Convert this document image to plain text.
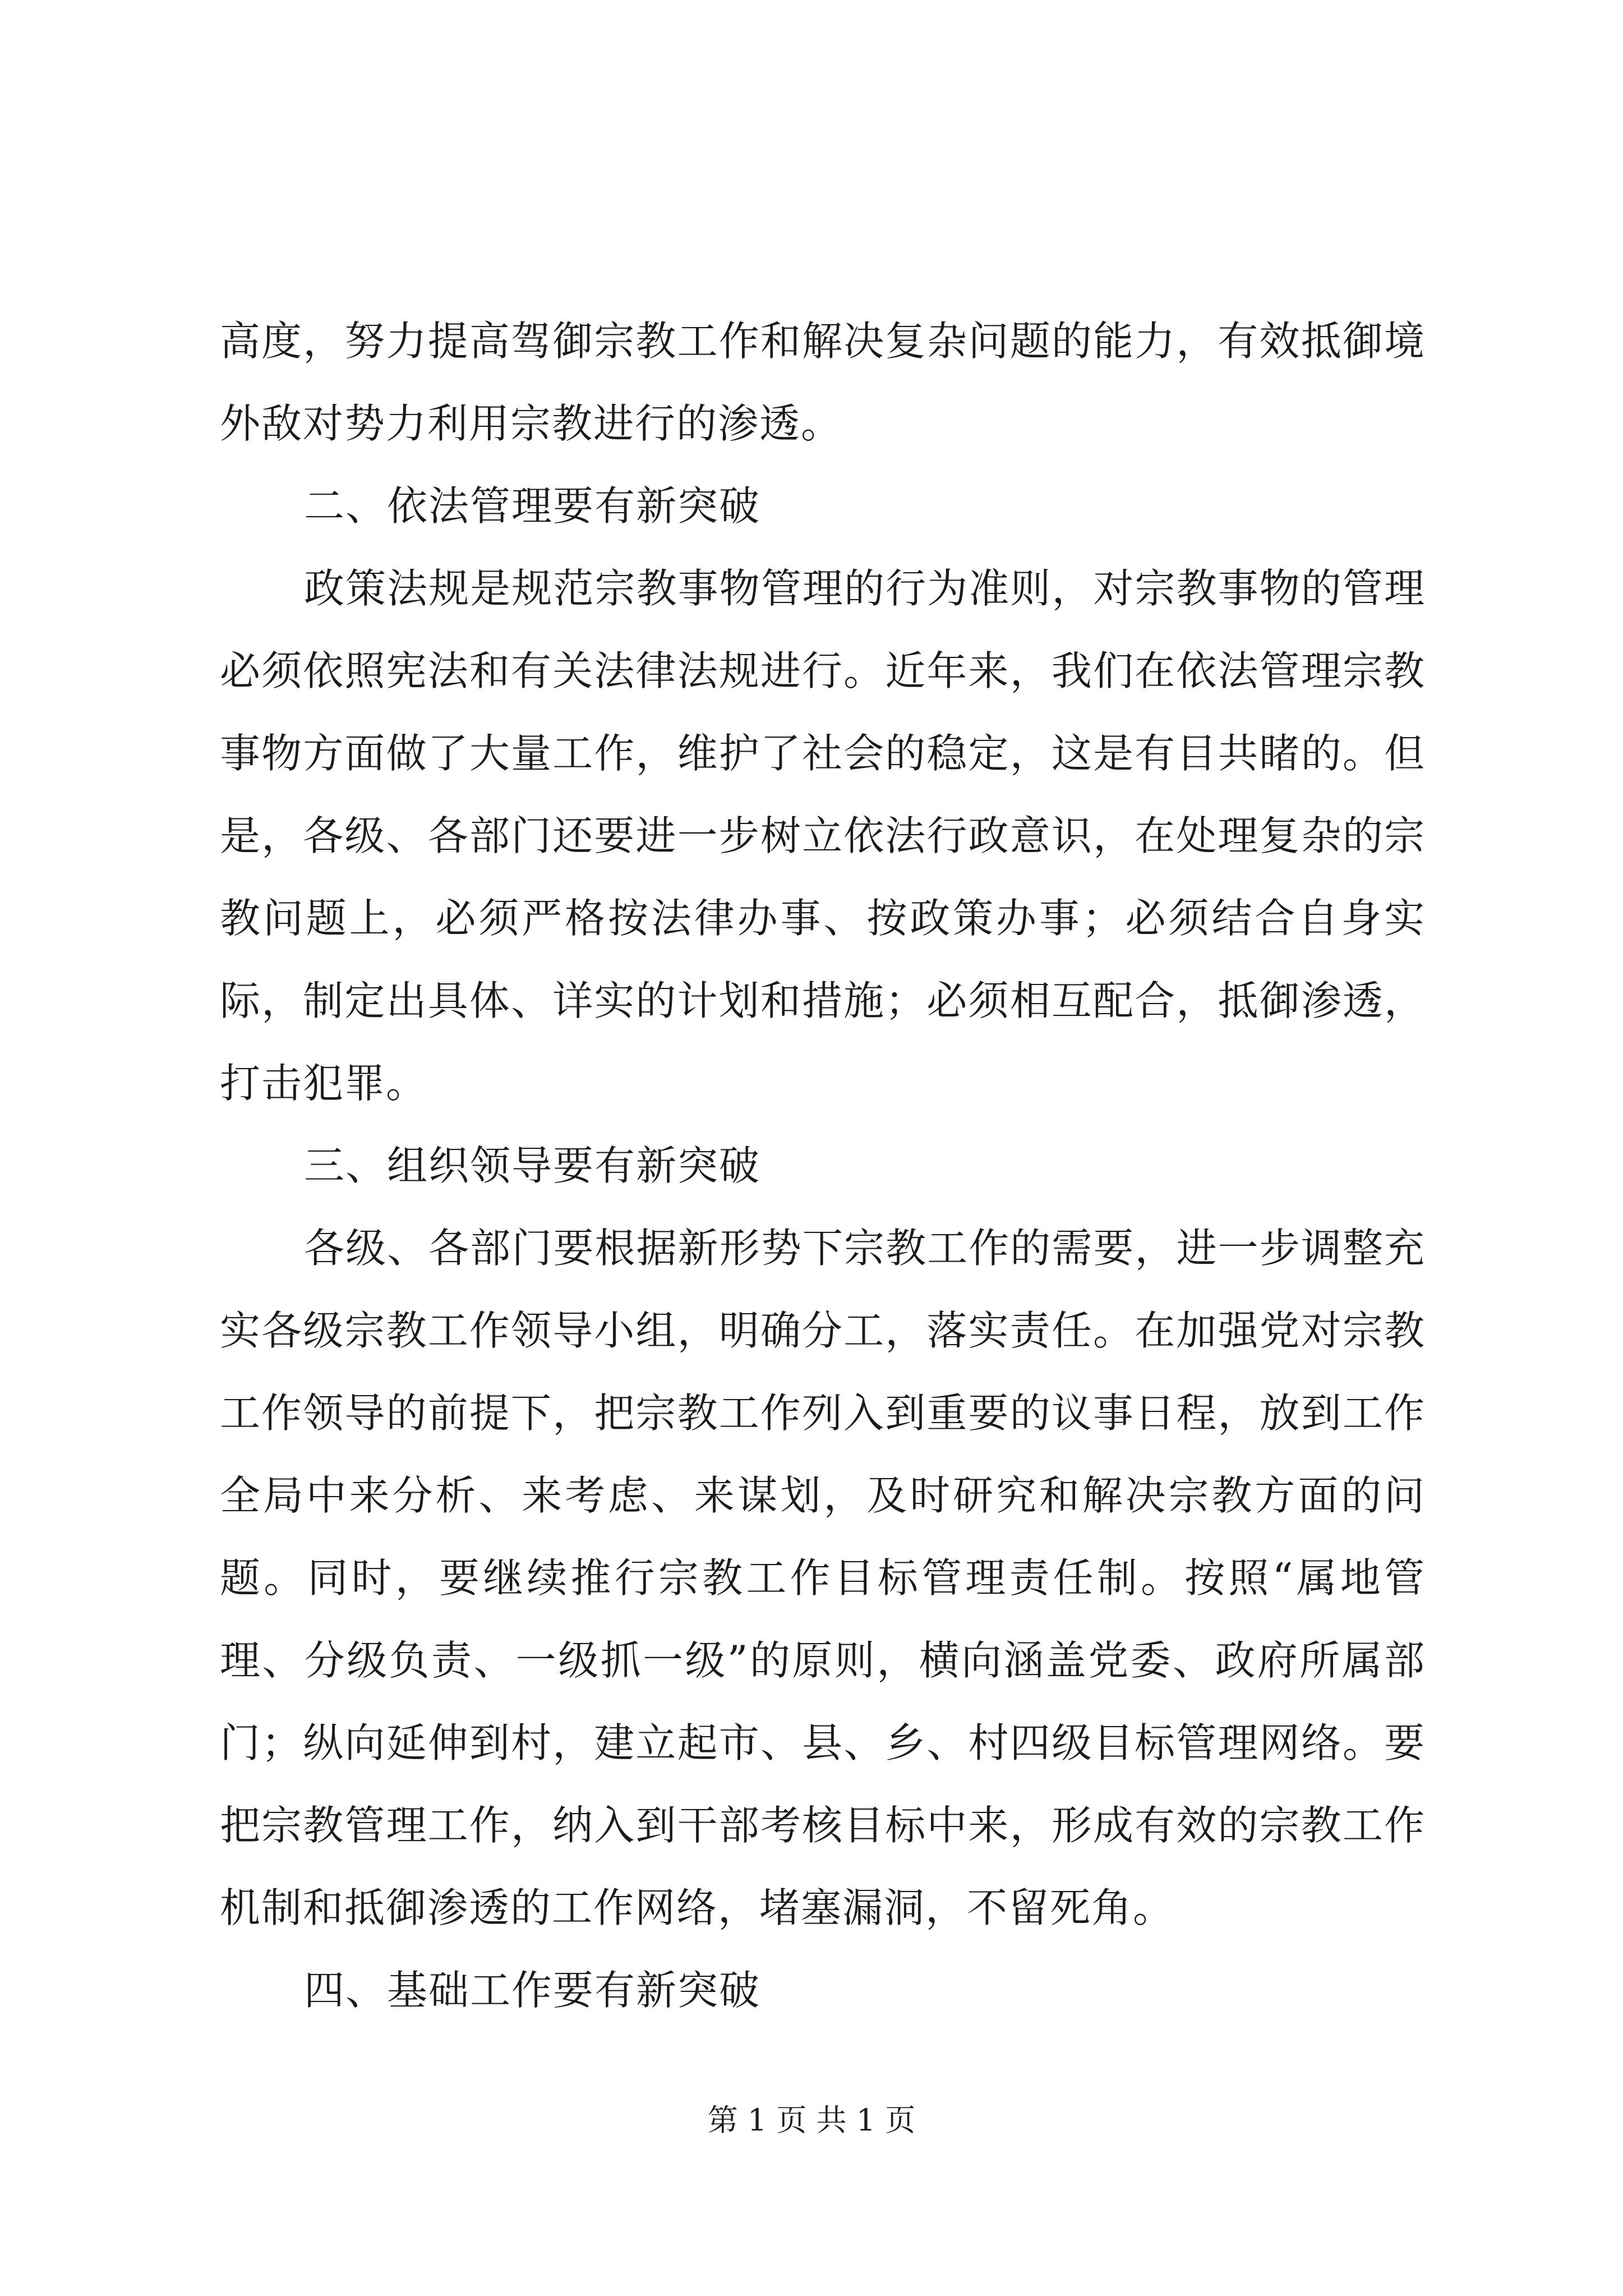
高度，努力提高驾御宗教工作和解决复杂问题的能力，有效抵御境外敌对势力利用宗教进行的渗透。

二、依法管理要有新突破

政策法规是规范宗教事物管理的行为准则，对宗教事物的管理必须依照宪法和有关法律法规进行。近年来，我们在依法管理宗教事物方面做了大量工作，维护了社会的稳定，这是有目共睹的。但是，各级、各部门还要进一步树立依法行政意识，在处理复杂的宗教问题上，必须严格按法律办事、按政策办事；必须结合自身实际，制定出具体、详实的计划和措施；必须相互配合，抵御渗透，打击犯罪。

三、组织领导要有新突破

各级、各部门要根据新形势下宗教工作的需要，进一步调整充实各级宗教工作领导小组，明确分工，落实责任。在加强党对宗教工作领导的前提下，把宗教工作列入到重要的议事日程，放到工作全局中来分析、来考虑、来谋划，及时研究和解决宗教方面的问题。同时，要继续推行宗教工作目标管理责任制。按照“属地管理、分级负责、一级抓一级”的原则，横向涵盖党委、政府所属部门；纵向延伸到村，建立起市、县、乡、村四级目标管理网络。要把宗教管理工作，纳入到干部考核目标中来，形成有效的宗教工作机制和抵御渗透的工作网络，堵塞漏洞，不留死角。

四、基础工作要有新突破

第 1 页 共 1 页
